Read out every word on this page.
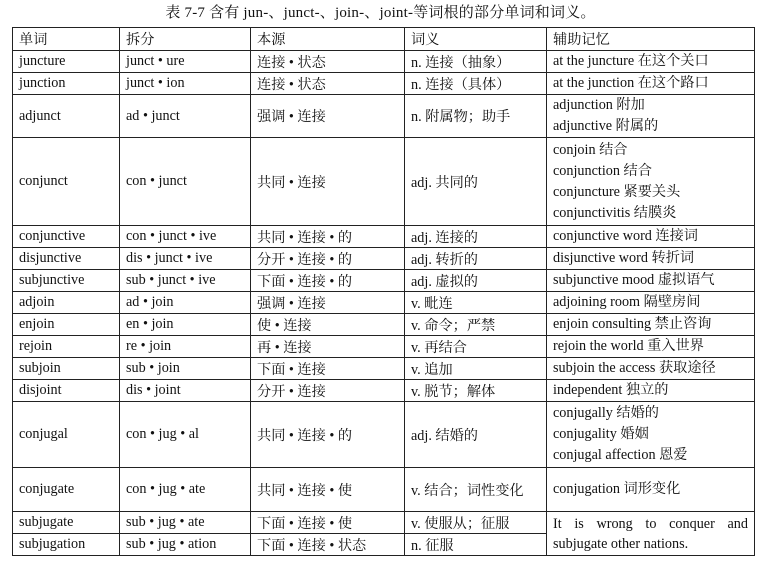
表 7-7 含有 jun-、junct-、join-、joint-等词根的部分单词和词义。
单词	拆分	本源	词义	辅助记忆
juncture	junct • ure	连接 • 状态	n. 连接（抽象）	at the juncture 在这个关口

junction	junct • ion	连接 • 状态	n. 连接（具体）	at the junction 在这个路口

adjunct	ad • junct	强调 • 连接	n. 附属物；助手	adjunction 附加
adjunctive 附属的

conjunct	con • junct	共同 • 连接	adj. 共同的	conjoin 结合
conjunction 结合
conjuncture 紧要关头
conjunctivitis 结膜炎

conjunctive	con • junct • ive	共同 • 连接 • 的	adj. 连接的	conjunctive word 连接词

disjunctive	dis • junct • ive	分开 • 连接 • 的	adj. 转折的	disjunctive word 转折词

subjunctive	sub • junct • ive	下面 • 连接 • 的	adj. 虚拟的	subjunctive mood 虚拟语气

adjoin	ad • join	强调 • 连接	v. 毗连	adjoining room 隔壁房间

enjoin	en • join	使 • 连接	v. 命令；严禁	enjoin consulting 禁止咨询

rejoin	re • join	再 • 连接	v. 再结合	rejoin the world 重入世界

subjoin	sub • join	下面 • 连接	v. 追加	subjoin the access 获取途径

disjoint	dis • joint	分开 • 连接	v. 脱节；解体	independent 独立的

conjugal	con • jug • al	共同 • 连接 • 的	adj. 结婚的	conjugally 结婚的
conjugality 婚姻
conjugal affection 恩爱

conjugate	con • jug • ate	共同 • 连接 • 使	v. 结合；词性变化	conjugation 词形变化

subjugate	sub • jug • ate	下面 • 连接 • 使	v. 使服从；征服	It is wrong to conquer and subjugate other nations.
subjugation	sub • jug • ation	下面 • 连接 • 状态	n. 征服	
